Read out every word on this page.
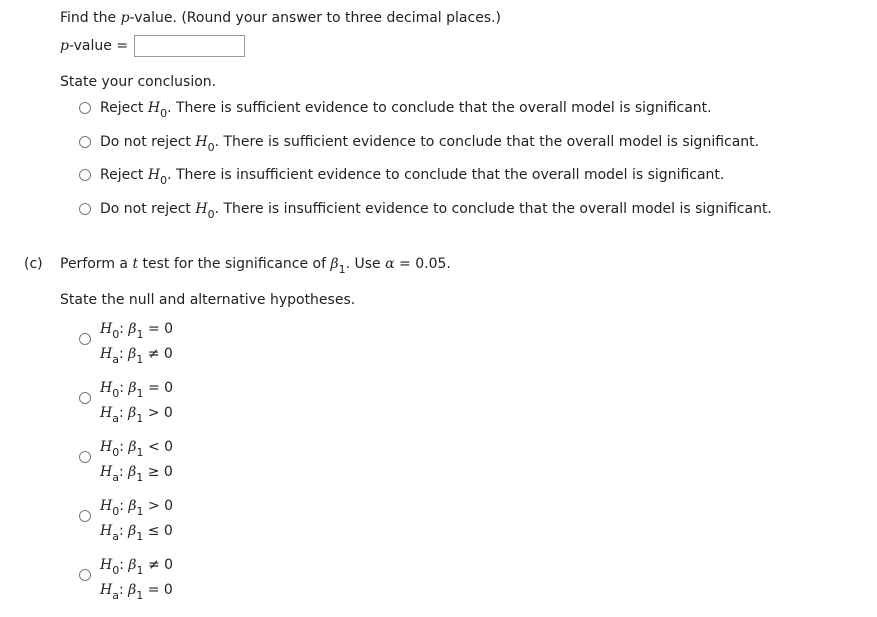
Find the p-value. (Round your answer to three decimal places.)
p-value =
State your conclusion.
Reject $H_0$. There is sufficient evidence to conclude that the overall model is significant.
Do not reject $H_0$. There is sufficient evidence to conclude that the overall model is significant.
Reject $H_0$. There is insufficient evidence to conclude that the overall model is significant.
Do not reject $H_0$. There is insufficient evidence to conclude that the overall model is significant.
(c) Perform a t test for the significance of $\beta_1$. Use α = 0.05.
State the null and alternative hypotheses.
$H_0$: $\beta_1 = 0$
$H_a$: $\beta_1 \ne 0$
$H_0$: $\beta_1 = 0$
$H_a$: $\beta_1 > 0$
$H_0$: $\beta_1 < 0$
$H_a$: $\beta_1 \ge 0$
$H_0$: $\beta_1 > 0$
$H_a$: $\beta_1 \le 0$
$H_0$: $\beta_1 \ne 0$
$H_a$: $\beta_1 = 0$
